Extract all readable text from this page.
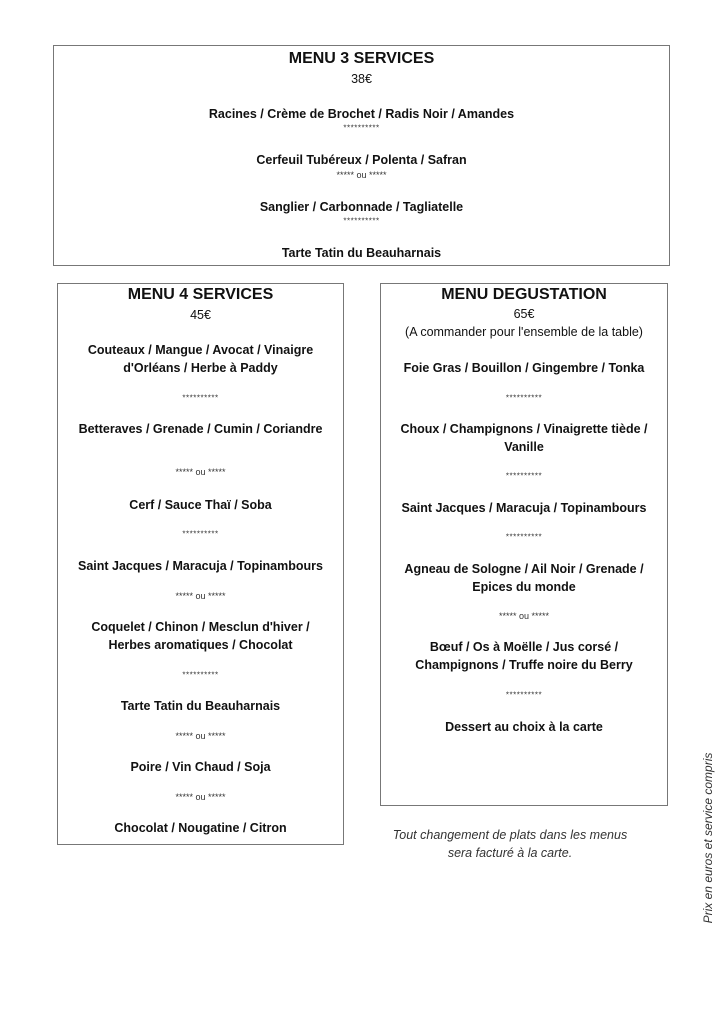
MENU 3 SERVICES
38€
Racines / Crème de Brochet / Radis Noir / Amandes
**********
Cerfeuil Tubéreux / Polenta / Safran
***** ou *****
Sanglier / Carbonnade / Tagliatelle
**********
Tarte Tatin du Beauharnais
MENU 4 SERVICES
45€
Couteaux / Mangue / Avocat / Vinaigre
d'Orléans / Herbe à Paddy
**********
Betteraves / Grenade / Cumin / Coriandre
***** ou *****
Cerf / Sauce Thaï / Soba
**********
Saint Jacques / Maracuja / Topinambours
***** ou *****
Coquelet / Chinon / Mesclun d'hiver /
Herbes aromatiques / Chocolat
**********
Tarte Tatin du Beauharnais
***** ou *****
Poire / Vin Chaud / Soja
***** ou *****
Chocolat / Nougatine / Citron
MENU DEGUSTATION
65€
(A commander pour l'ensemble de la table)
Foie Gras / Bouillon / Gingembre / Tonka
**********
Choux / Champignons / Vinaigrette tiède /
Vanille
**********
Saint Jacques / Maracuja / Topinambours
**********
Agneau de Sologne / Ail Noir / Grenade /
Epices du monde
***** ou *****
Bœuf / Os à Moëlle / Jus corsé /
Champignons / Truffe noire du Berry
**********
Dessert au choix à la carte
Tout changement de plats dans les menus
sera facturé à la carte.	Prix en euros et service compris
